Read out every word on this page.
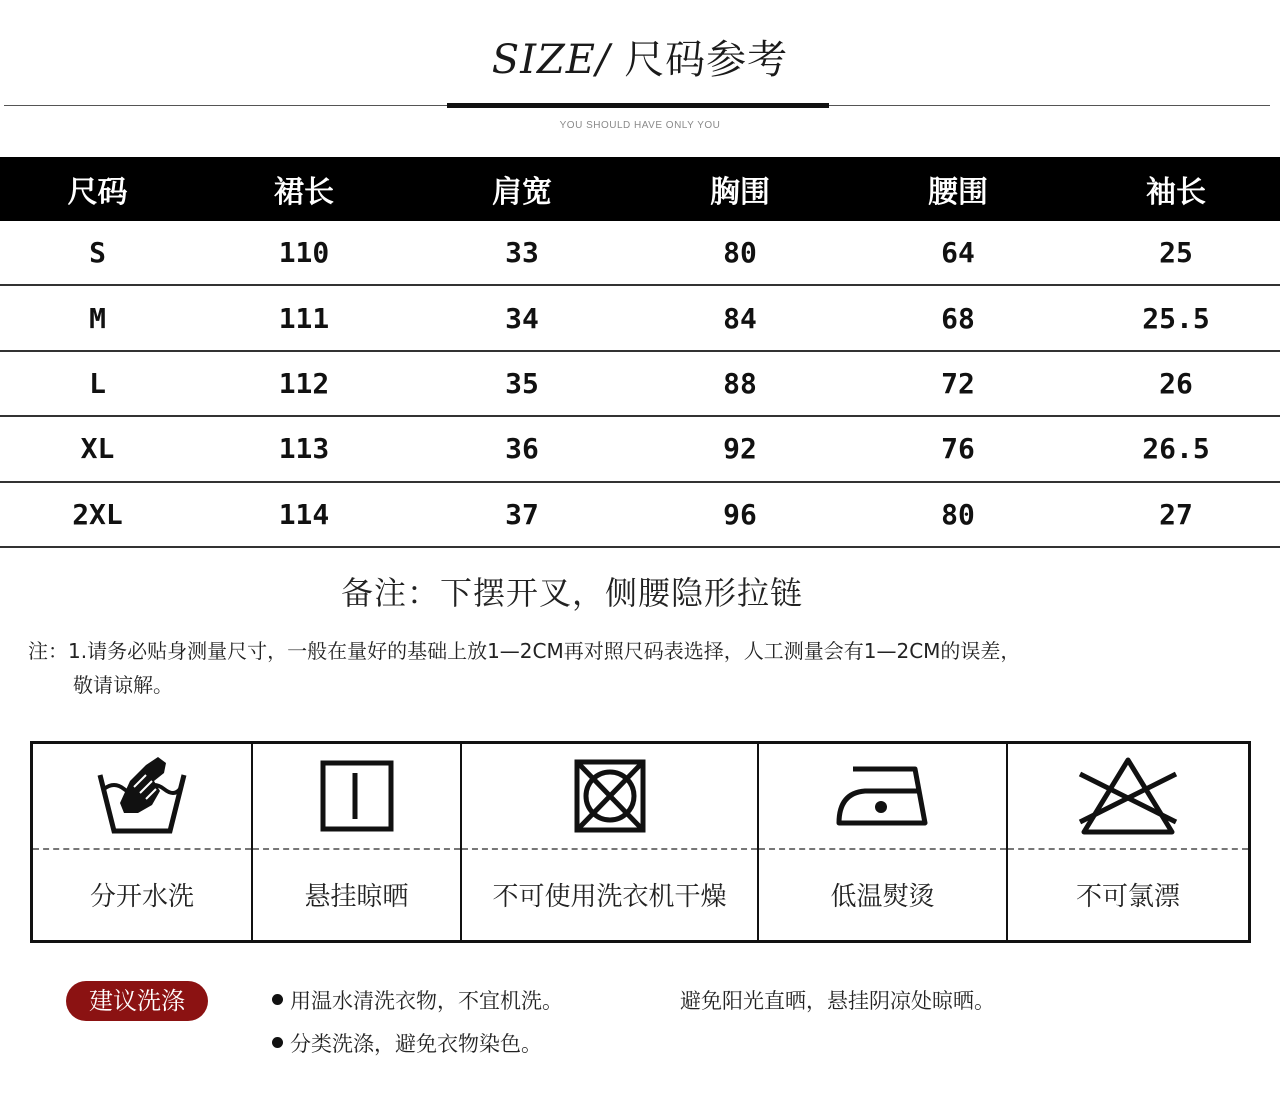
SIZE/ 尺码参考
YOU SHOULD HAVE ONLY YOU
尺码	裙长	肩宽	胸围	腰围	袖长
S	110	33	80	64	25
M	111	34	84	68	25.5
L	112	35	88	72	26
XL	113	36	92	76	26.5
2XL	114	37	96	80	27
备注：下摆开叉，侧腰隐形拉链
注：1.请务必贴身测量尺寸，一般在量好的基础上放1—2CM再对照尺码表选择，人工测量会有1—2CM的误差，
敬请谅解。
分开水洗	悬挂晾晒	不可使用洗衣机干燥	低温熨烫	不可氯漂
建议洗涤	用温水清洗衣物，不宜机洗。	避免阳光直晒，悬挂阴凉处晾晒。
分类洗涤，避免衣物染色。
